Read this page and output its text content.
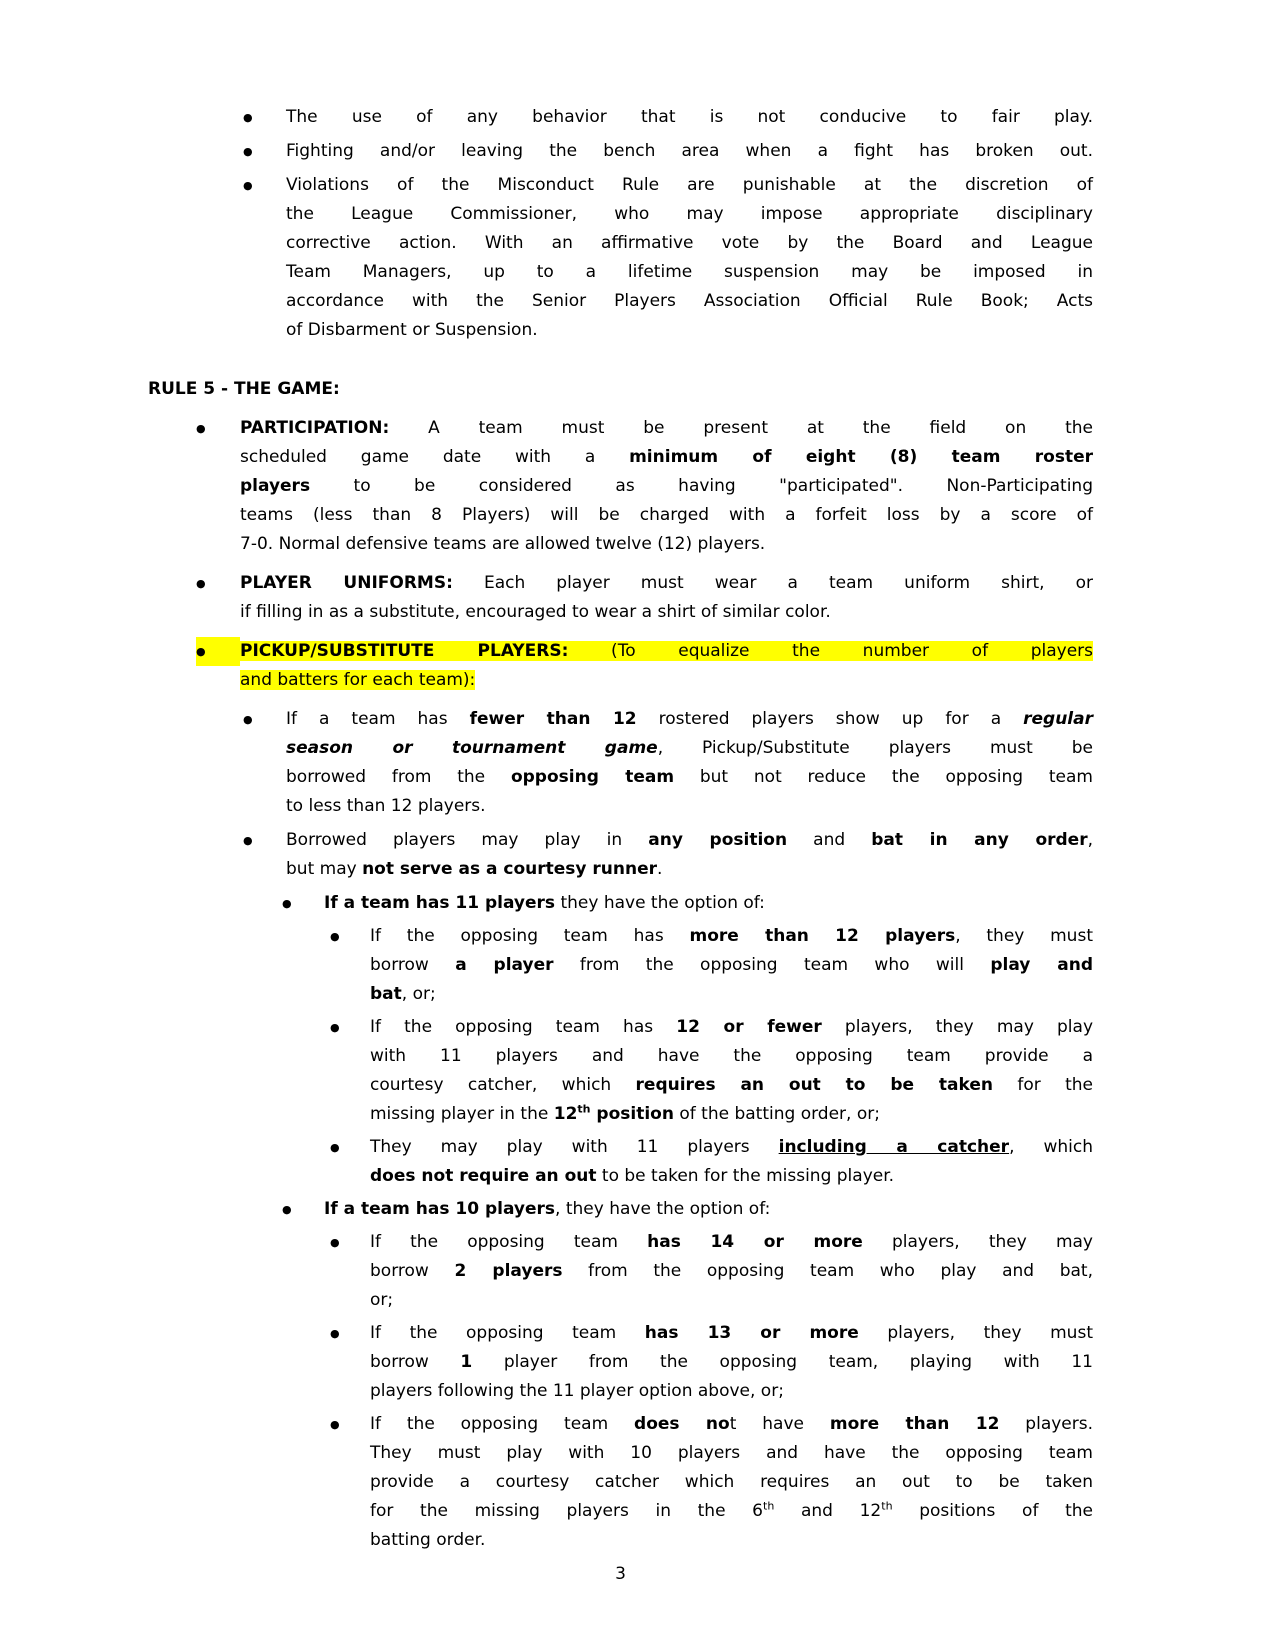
●	The use of any behavior that is not conducive to fair play.
●	Fighting and/or leaving the bench area when a fight has broken out.
●	Violations of the Misconduct Rule are punishable at the discretion of
the League Commissioner, who may impose appropriate disciplinary
corrective action. With an affirmative vote by the Board and League
Team Managers, up to a lifetime suspension may be imposed in
accordance with the Senior Players Association Official Rule Book; Acts
of Disbarment or Suspension.
RULE 5 - THE GAME:
●	PARTICIPATION: A team must be present at the field on the
scheduled game date with a minimum of eight (8) team roster
players to be considered as having "participated". Non-Participating
teams (less than 8 Players) will be charged with a forfeit loss by a score of
7-0. Normal defensive teams are allowed twelve (12) players.
●	PLAYER UNIFORMS: Each player must wear a team uniform shirt, or
if filling in as a substitute, encouraged to wear a shirt of similar color.
●	PICKUP/SUBSTITUTE PLAYERS: (To equalize the number of players
and batters for each team):
●	If a team has fewer than 12 rostered players show up for a regular
season or tournament game, Pickup/Substitute players must be
borrowed from the opposing team but not reduce the opposing team
to less than 12 players.
●	Borrowed players may play in any position and bat in any order,
but may not serve as a courtesy runner.
●	If a team has 11 players they have the option of:
●	If the opposing team has more than 12 players, they must
borrow a player from the opposing team who will play and
bat, or;
●	If the opposing team has 12 or fewer players, they may play
with 11 players and have the opposing team provide a
courtesy catcher, which requires an out to be taken for the
missing player in the 12th position of the batting order, or;
●	They may play with 11 players including a catcher, which
does not require an out to be taken for the missing player.
●	If a team has 10 players, they have the option of:
●	If the opposing team has 14 or more players, they may
borrow 2 players from the opposing team who play and bat,
or;
●	If the opposing team has 13 or more players, they must
borrow 1 player from the opposing team, playing with 11
players following the 11 player option above, or;
●	If the opposing team does not have more than 12 players.
They must play with 10 players and have the opposing team
provide a courtesy catcher which requires an out to be taken
for the missing players in the 6th and 12th positions of the
batting order.
3
